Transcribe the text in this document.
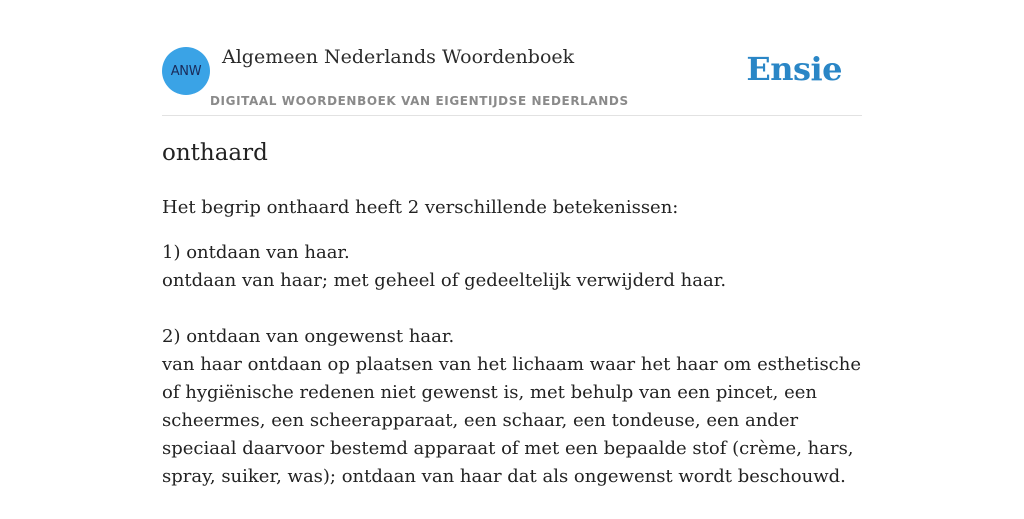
ANW
Algemeen Nederlands Woordenboek
DIGITAAL WOORDENBOEK VAN EIGENTIJDSE NEDERLANDS
Ensie
onthaard
Het begrip onthaard heeft 2 verschillende betekenissen:

1) ontdaan van haar.

ontdaan van haar; met geheel of gedeeltelijk verwijderd haar.

2) ontdaan van ongewenst haar.

van haar ontdaan op plaatsen van het lichaam waar het haar om esthetische of hygiënische redenen niet gewenst is, met behulp van een pincet, een scheermes, een scheerapparaat, een schaar, een tondeuse, een ander speciaal daarvoor bestemd apparaat of met een bepaalde stof (crème, hars, spray, suiker, was); ontdaan van haar dat als ongewenst wordt beschouwd.
